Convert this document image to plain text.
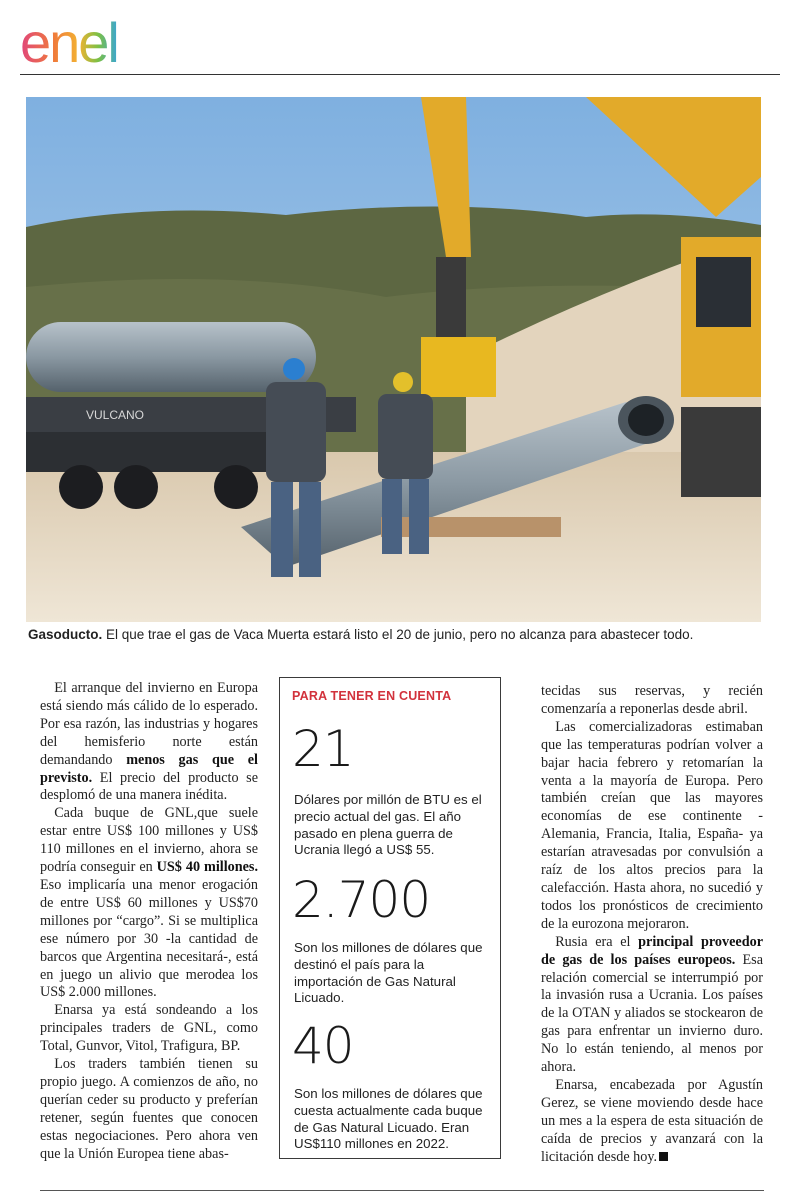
enel
VULCANO
Gasoducto. El que trae el gas de Vaca Muerta estará listo el 20 de junio, pero no alcanza para abastecer todo.

El arranque del invierno en Europa está siendo más cálido de lo esperado. Por esa razón, las industrias y hogares del hemisferio norte están demandando menos gas que el previsto. El precio del producto se desplomó de una manera inédita.

Cada buque de GNL,que suele estar entre US$ 100 millones y US$ 110 millones en el invierno, ahora se podría conseguir en US$ 40 millones. Eso implicaría una menor erogación de entre US$ 60 millones y US$70 millones por “cargo”. Si se multiplica ese número por 30 -la cantidad de barcos que Argentina necesitará-, está en juego un alivio que merodea los US$ 2.000 millones.

Enarsa ya está sondeando a los principales traders de GNL, como Total, Gunvor, Vitol, Trafigura, BP.

Los traders también tienen su propio juego. A comienzos de año, no querían ceder su producto y preferían retener, según fuentes que conocen estas negociaciones. Pero ahora ven que la Unión Europea tiene abas-

PARA TENER EN CUENTA
21
Dólares por millón de BTU es el precio actual del gas. El año pasado en plena guerra de Ucrania llegó a US$ 55.
2.700
Son los millones de dólares que destinó el país para la importación de Gas Natural Licuado.
40
Son los millones de dólares que cuesta actualmente cada buque de Gas Natural Licuado. Eran US$110 millones en 2022.

tecidas sus reservas, y recién comenzaría a reponerlas desde abril.

Las comercializadoras estimaban que las temperaturas podrían volver a bajar hacia febrero y retomarían la venta a la mayoría de Europa. Pero también creían que las mayores economías de ese continente -Alemania, Francia, Italia, España- ya estarían atravesadas por convulsión a raíz de los altos precios para la calefacción. Hasta ahora, no sucedió y todos los pronósticos de crecimiento de la eurozona mejoraron.

Rusia era el principal proveedor de gas de los países europeos. Esa relación comercial se interrumpió por la invasión rusa a Ucrania. Los países de la OTAN y aliados se stockearon de gas para enfrentar un invierno duro. No lo están teniendo, al menos por ahora.

Enarsa, encabezada por Agustín Gerez, se viene moviendo desde hace un mes a la espera de esta situación de caída de precios y avanzará con la licitación desde hoy.
